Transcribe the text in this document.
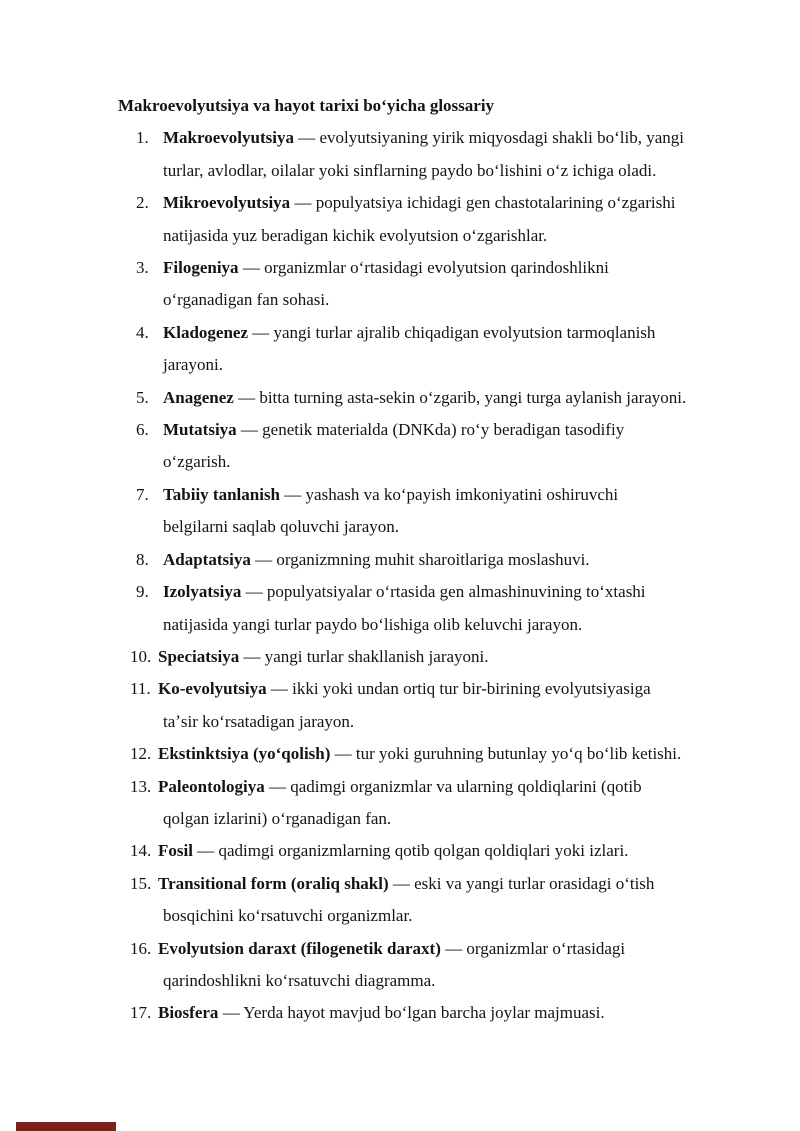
Makroevolyutsiya va hayot tarixi boʻyicha glossariy
1. Makroevolyutsiya — evolyutsiyaning yirik miqyosdagi shakli boʻlib, yangi
turlar, avlodlar, oilalar yoki sinflarning paydo boʻlishini oʻz ichiga oladi.
2. Mikroevolyutsiya — populyatsiya ichidagi gen chastotalarining oʻzgarishi
natijasida yuz beradigan kichik evolyutsion oʻzgarishlar.
3. Filogeniya — organizmlar oʻrtasidagi evolyutsion qarindoshlikni
oʻrganadigan fan sohasi.
4. Kladogenez — yangi turlar ajralib chiqadigan evolyutsion tarmoqlanish
jarayoni.
5. Anagenez — bitta turning asta-sekin oʻzgarib, yangi turga aylanish jarayoni.
6. Mutatsiya — genetik materialda (DNKda) roʻy beradigan tasodifiy
oʻzgarish.
7. Tabiiy tanlanish — yashash va koʻpayish imkoniyatini oshiruvchi
belgilarni saqlab qoluvchi jarayon.
8. Adaptatsiya — organizmning muhit sharoitlariga moslashuvi.
9. Izolyatsiya — populyatsiyalar oʻrtasida gen almashinuvining toʻxtashi
natijasida yangi turlar paydo boʻlishiga olib keluvchi jarayon.
10. Speciatsiya — yangi turlar shakllanish jarayoni.
11. Ko-evolyutsiya — ikki yoki undan ortiq tur bir-birining evolyutsiyasiga
taʼsir koʻrsatadigan jarayon.
12. Ekstinktsiya (yoʻqolish) — tur yoki guruhning butunlay yoʻq boʻlib ketishi.
13. Paleontologiya — qadimgi organizmlar va ularning qoldiqlarini (qotib
qolgan izlarini) oʻrganadigan fan.
14. Fosil — qadimgi organizmlarning qotib qolgan qoldiqlari yoki izlari.
15. Transitional form (oraliq shakl) — eski va yangi turlar orasidagi oʻtish
bosqichini koʻrsatuvchi organizmlar.
16. Evolyutsion daraxt (filogenetik daraxt) — organizmlar oʻrtasidagi
qarindoshlikni koʻrsatuvchi diagramma.
17. Biosfera — Yerda hayot mavjud boʻlgan barcha joylar majmuasi.
